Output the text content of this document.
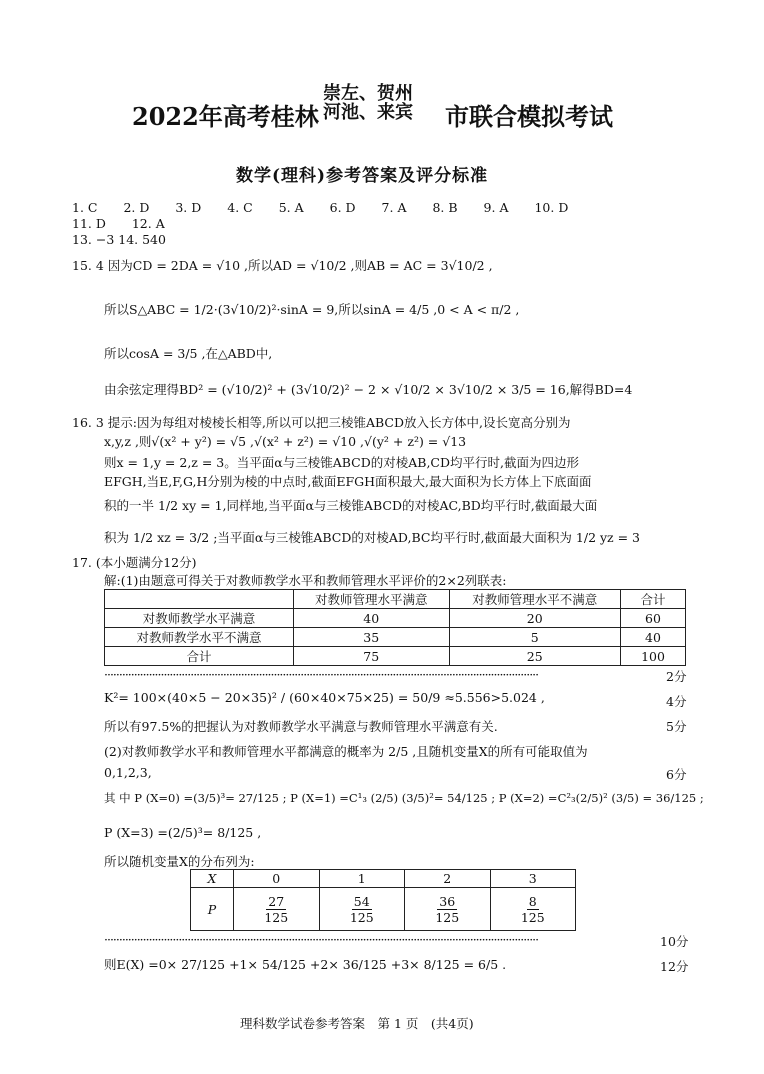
2022年高考桂林
崇左、贺州
河池、来宾 市联合模拟考试
数学(理科)参考答案及评分标准
1. C 2. D 3. D 4. C 5. A 6. D 7. A 8. B 9. A 10. D
11. D 12. A
13. −3 14. 540
15. 4 因为CD = 2DA = √10 ,所以AD = √10/2 ,则AB = AC = 3√10/2 ,
所以S△ABC = 1/2·(3√10/2)²·sinA = 9,所以sinA = 4/5 ,0 < A < π/2 ,
所以cosA = 3/5 ,在△ABD中,
由余弦定理得BD² = (√10/2)² + (3√10/2)² − 2 × √10/2 × 3√10/2 × 3/5 = 16,解得BD=4
16. 3 提示:因为每组对棱棱长相等,所以可以把三棱锥ABCD放入长方体中,设长宽高分别为
x,y,z ,则√(x² + y²) = √5 ,√(x² + z²) = √10 ,√(y² + z²) = √13
则x = 1,y = 2,z = 3。当平面α与三棱锥ABCD的对棱AB,CD均平行时,截面为四边形
EFGH,当E,F,G,H分别为棱的中点时,截面EFGH面积最大,最大面积为长方体上下底面面
积的一半 1/2 xy = 1,同样地,当平面α与三棱锥ABCD的对棱AC,BD均平行时,截面最大面
积为 1/2 xz = 3/2 ;当平面α与三棱锥ABCD的对棱AD,BC均平行时,截面最大面积为 1/2 yz = 3
17. (本小题满分12分)
解:(1)由题意可得关于对教师教学水平和教师管理水平评价的2×2列联表:
	对教师管理水平满意	对教师管理水平不满意	合计
对教师教学水平满意	40	20	60
对教师教学水平不满意	35	5	40
合计	75	25	100
··················································································································································	2分
K²= 100×(40×5 − 20×35)² / (60×40×75×25) = 50/9 ≈5.556>5.024 ,	4分
所以有97.5%的把握认为对教师教学水平满意与教师管理水平满意有关.	5分
(2)对教师教学水平和教师管理水平都满意的概率为 2/5 ,且随机变量X的所有可能取值为
0,1,2,3,	6分
其 中 P (X=0) =(3/5)³= 27/125 ; P (X=1) =C¹₃ (2/5) (3/5)²= 54/125 ; P (X=2) =C²₃(2/5)² (3/5) = 36/125 ;
P (X=3) =(2/5)³= 8/125 ,
所以随机变量X的分布列为:
X	0	1	2	3
P	$\frac{27}{125}$	$\frac{54}{125}$	$\frac{36}{125}$	$\frac{8}{125}$
··················································································································································	10分
则E(X) =0× 27/125 +1× 54/125 +2× 36/125 +3× 8/125 = 6/5 .	12分
理科数学试卷参考答案　第 1 页　(共4页)
